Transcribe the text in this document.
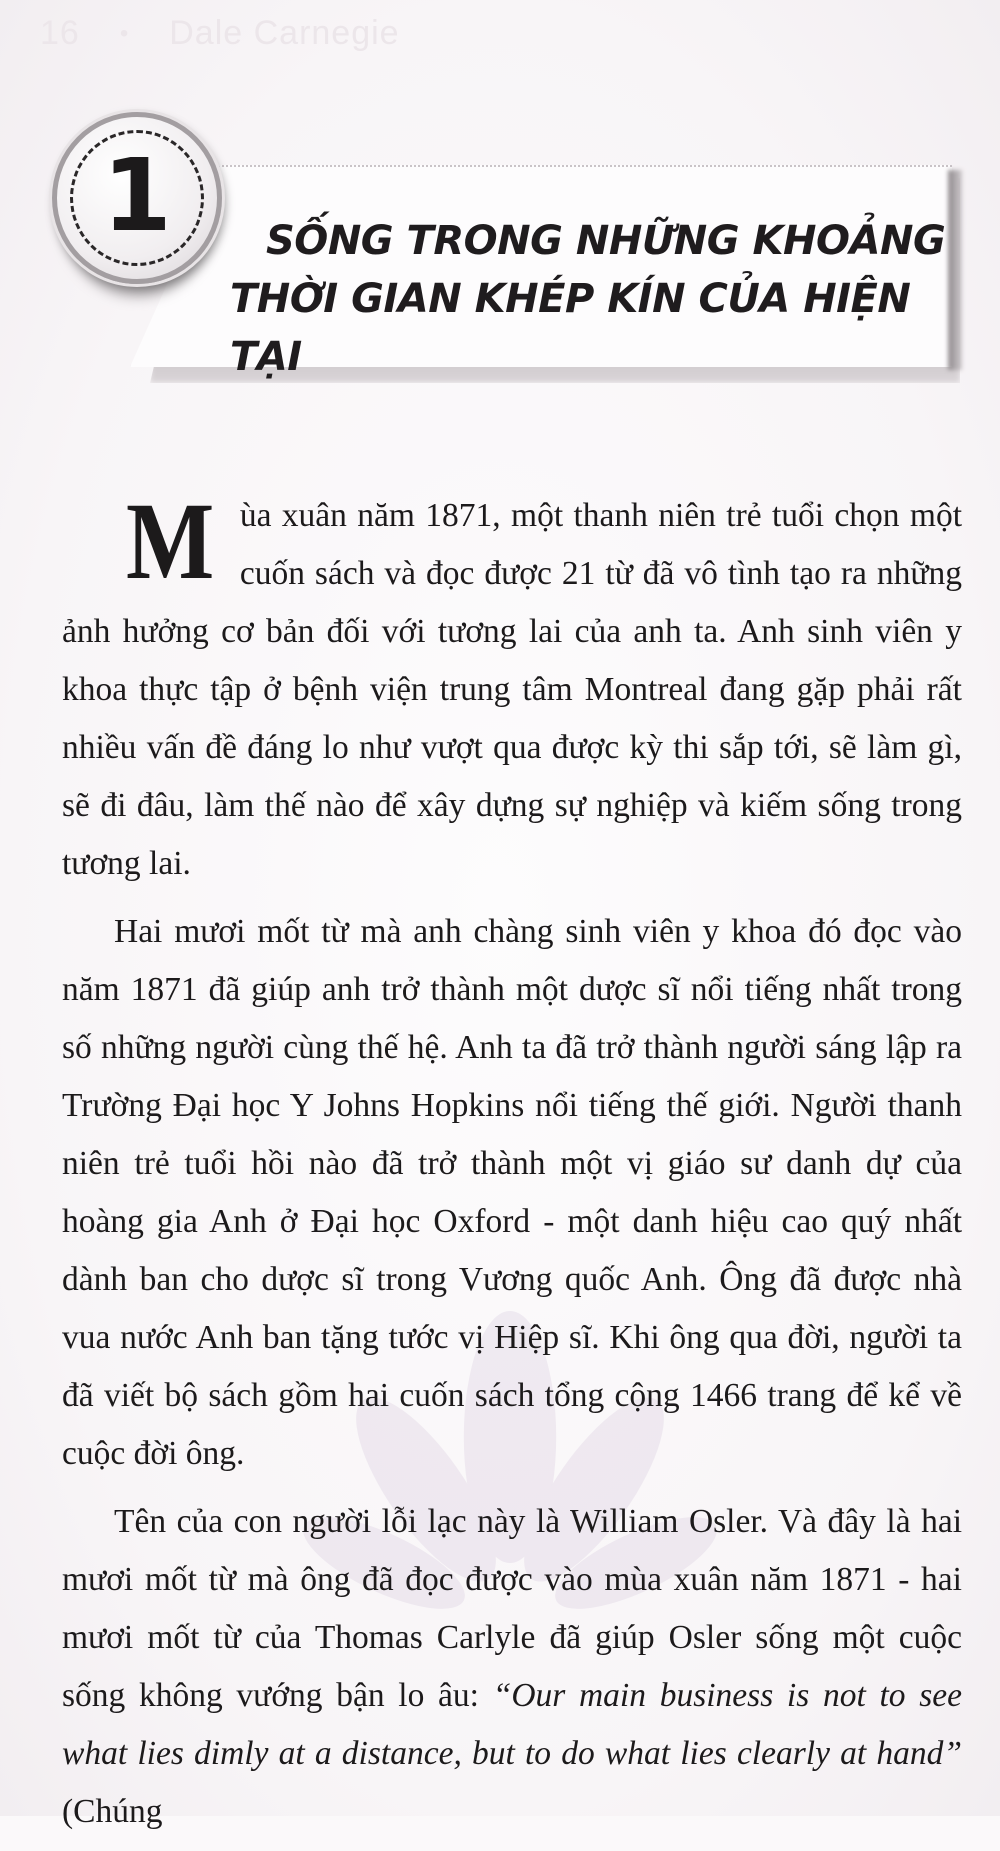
16 • Dale Carnegie
SỐNG TRONG NHỮNG KHOẢNG
THỜI GIAN KHÉP KÍN CỦA HIỆN TẠI
1

Mùa xuân năm 1871, một thanh niên trẻ tuổi chọn một cuốn sách và đọc được 21 từ đã vô tình tạo ra những ảnh hưởng cơ bản đối với tương lai của anh ta. Anh sinh viên y khoa thực tập ở bệnh viện trung tâm Montreal đang gặp phải rất nhiều vấn đề đáng lo như vượt qua được kỳ thi sắp tới, sẽ làm gì, sẽ đi đâu, làm thế nào để xây dựng sự nghiệp và kiếm sống trong tương lai.

Hai mươi mốt từ mà anh chàng sinh viên y khoa đó đọc vào năm 1871 đã giúp anh trở thành một dược sĩ nổi tiếng nhất trong số những người cùng thế hệ. Anh ta đã trở thành người sáng lập ra Trường Đại học Y Johns Hopkins nổi tiếng thế giới. Người thanh niên trẻ tuổi hồi nào đã trở thành một vị giáo sư danh dự của hoàng gia Anh ở Đại học Oxford - một danh hiệu cao quý nhất dành ban cho dược sĩ trong Vương quốc Anh. Ông đã được nhà vua nước Anh ban tặng tước vị Hiệp sĩ. Khi ông qua đời, người ta đã viết bộ sách gồm hai cuốn sách tổng cộng 1466 trang để kể về cuộc đời ông.

Tên của con người lỗi lạc này là William Osler. Và đây là hai mươi mốt từ mà ông đã đọc được vào mùa xuân năm 1871 - hai mươi mốt từ của Thomas Carlyle đã giúp Osler sống một cuộc sống không vướng bận lo âu: “Our main business is not to see what lies dimly at a distance, but to do what lies clearly at hand” (Chúng
